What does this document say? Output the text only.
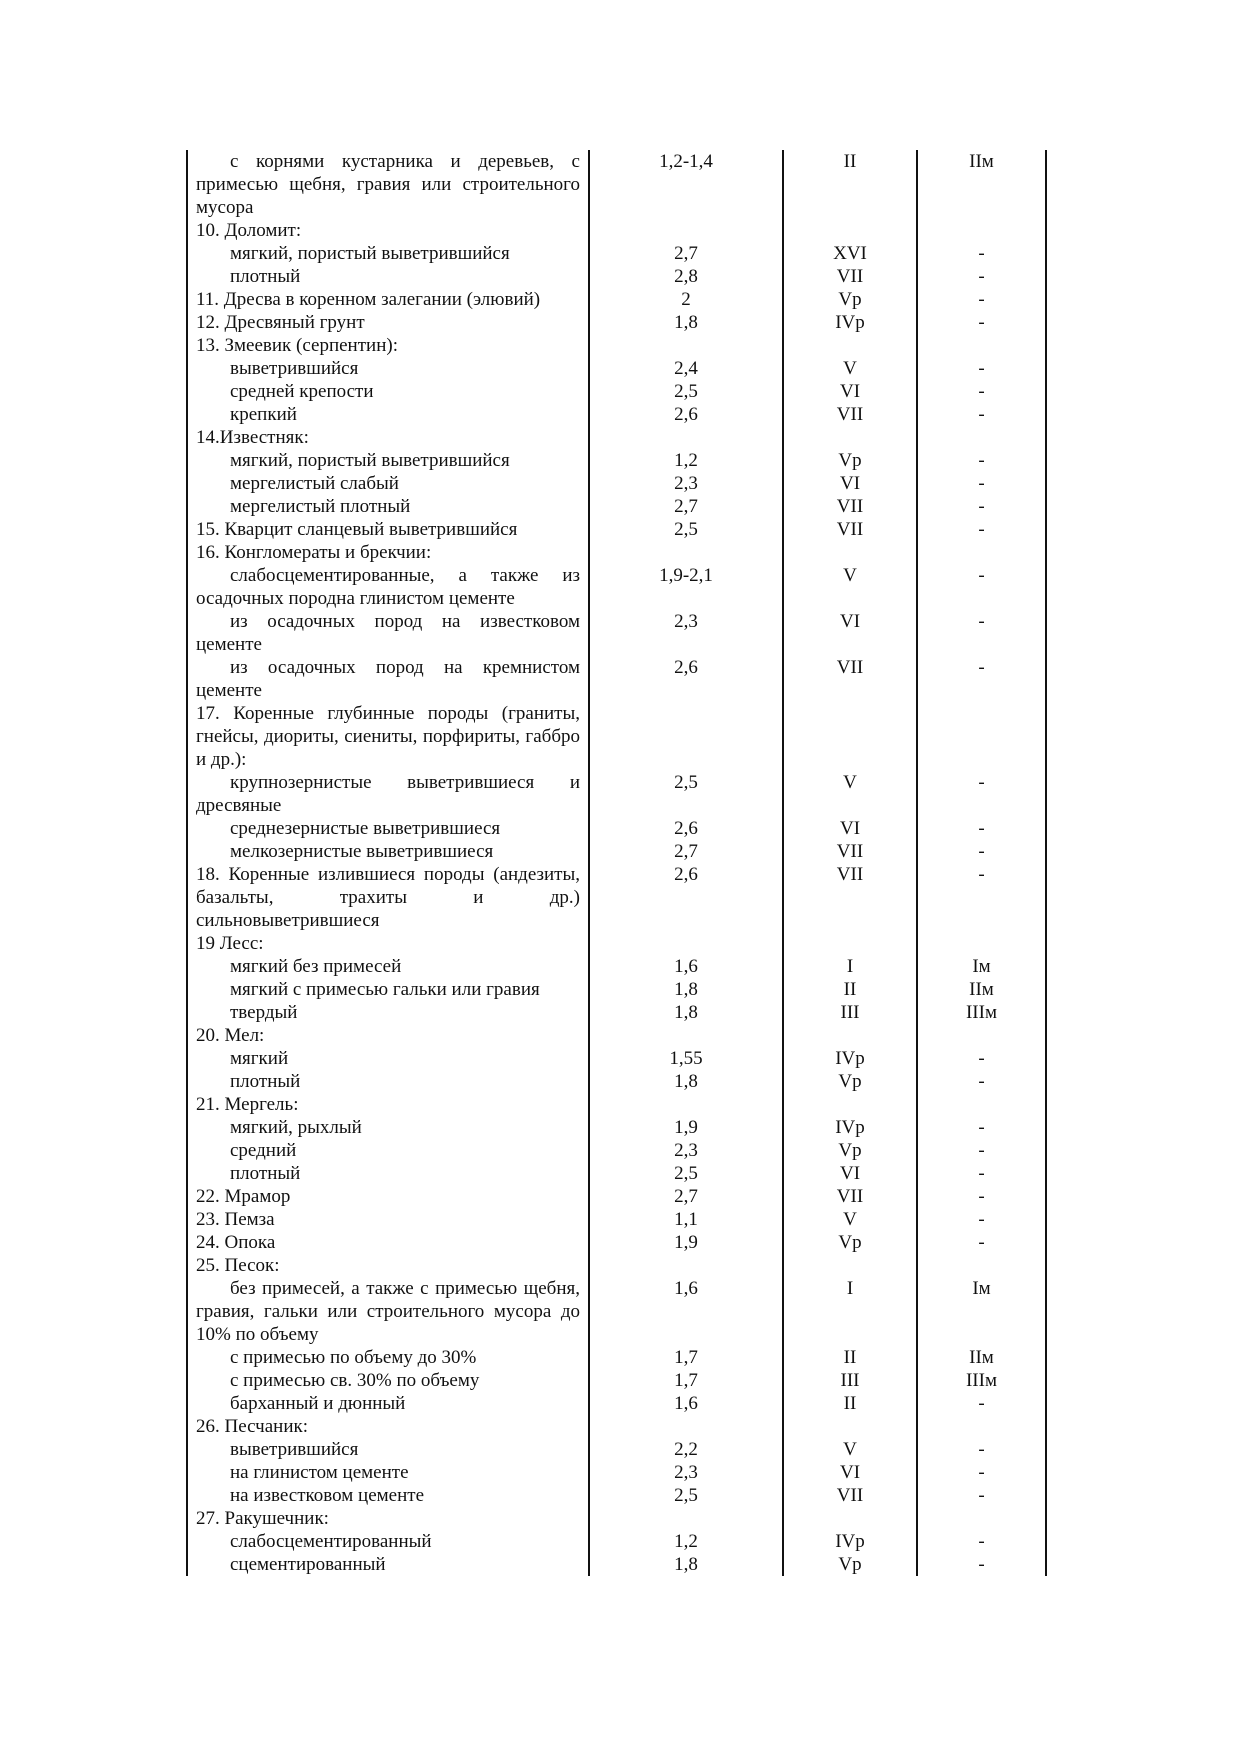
с корнями кустарника и деревьев, с примесью щебня, гравия или строительного мусора	1,2-1,4	II	IIм
10. Доломит:			
мягкий, пористый выветрившийся	2,7	XVI	-
плотный	2,8	VII	-
11. Дресва в коренном залегании (элювий)	2	Vр	-
12. Дресвяный грунт	1,8	IVр	-
13. Змеевик (серпентин):			
выветрившийся	2,4	V	-
средней крепости	2,5	VI	-
крепкий	2,6	VII	-
14.Известняк:			
мягкий, пористый выветрившийся	1,2	Vр	-
мергелистый слабый	2,3	VI	-
мергелистый плотный	2,7	VII	-
15. Кварцит сланцевый выветрившийся	2,5	VII	-
16. Конгломераты и брекчии:			
слабосцементированные, а также из осадочных породна глинистом цементе	1,9-2,1	V	-
из осадочных пород на известковом цементе	2,3	VI	-
из осадочных пород на кремнистом цементе	2,6	VII	-
17. Коренные глубинные породы (граниты, гнейсы, диориты, сиениты, порфириты, габбро и др.):			
крупнозернистые выветрившиеся и дресвяные	2,5	V	-
среднезернистые выветрившиеся	2,6	VI	-
мелкозернистые выветрившиеся	2,7	VII	-
18. Коренные излившиеся породы (андезиты, базальты, трахиты и др.) сильновыветрившиеся	2,6	VII	-
19 Лесс:			
мягкий без примесей	1,6	I	Iм
мягкий с примесью гальки или гравия	1,8	II	IIм
твердый	1,8	III	IIIм
20. Мел:			
мягкий	1,55	IVр	-
плотный	1,8	Vр	-
21. Мергель:			
мягкий, рыхлый	1,9	IVр	-
средний	2,3	Vр	-
плотный	2,5	VI	-
22. Мрамор	2,7	VII	-
23. Пемза	1,1	V	-
24. Опока	1,9	Vр	-
25. Песок:			
без примесей, а также с примесью щебня, гравия, гальки или строительного мусора до 10% по объему	1,6	I	Iм
с примесью по объему до 30%	1,7	II	IIм
с примесью св. 30% по объему	1,7	III	IIIм
барханный и дюнный	1,6	II	-
26. Песчаник:			
выветрившийся	2,2	V	-
на глинистом цементе	2,3	VI	-
на известковом цементе	2,5	VII	-
27. Ракушечник:			
слабосцементированный	1,2	IVр	-
сцементированный	1,8	Vр	-
